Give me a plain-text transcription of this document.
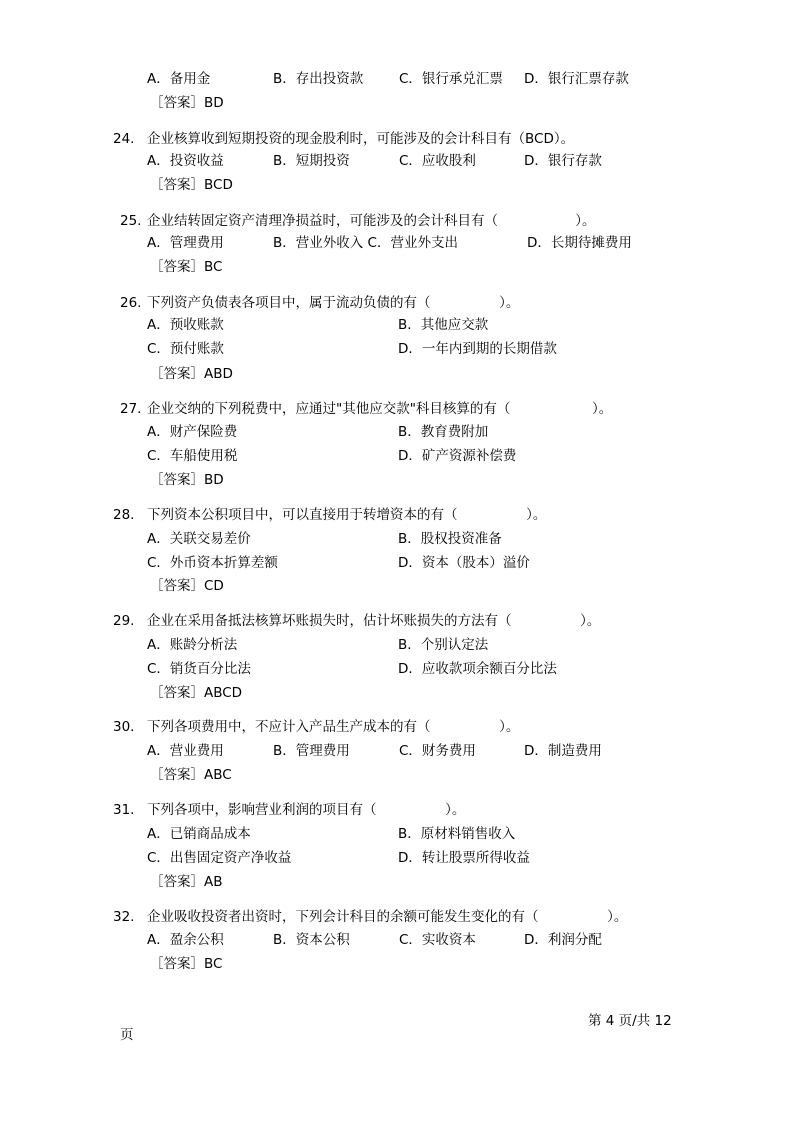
A．备用金	B．存出投资款	C．银行承兑汇票 D．银行汇票存款
［答案］BD
24. 企业核算收到短期投资的现金股利时，可能涉及的会计科目有（BCD）。
A．投资收益	B．短期投资	C．应收股利	D．银行存款
［答案］BCD
25. 企业结转固定资产清理净损益时，可能涉及的会计科目有（                  ）。
A．管理费用	B．营业外收入 C．营业外支出	D．长期待摊费用
［答案］BC
26. 下列资产负债表各项目中，属于流动负债的有（                ）。
A．预收账款	B．其他应交款
C．预付账款	D．一年内到期的长期借款
［答案］ABD
27. 企业交纳的下列税费中，应通过"其他应交款"科目核算的有（                   ）。
A．财产保险费	B．教育费附加
C．车船使用税	D．矿产资源补偿费
［答案］BD
28. 下列资本公积项目中，可以直接用于转增资本的有（                ）。
A．关联交易差价	B．股权投资准备
C．外币资本折算差额	D．资本（股本）溢价
［答案］CD
29. 企业在采用备抵法核算坏账损失时，估计坏账损失的方法有（                ）。
A．账龄分析法	B．个别认定法
C．销货百分比法	D．应收款项余额百分比法
［答案］ABCD
30. 下列各项费用中，不应计入产品生产成本的有（                ）。
A．营业费用	B．管理费用	C．财务费用	D．制造费用
［答案］ABC
31. 下列各项中，影响营业利润的项目有（                ）。
A．已销商品成本	B．原材料销售收入
C．出售固定资产净收益	D．转让股票所得收益
［答案］AB
32. 企业吸收投资者出资时，下列会计科目的余额可能发生变化的有（                ）。
A．盈余公积	B．资本公积	C．实收资本	D．利润分配
［答案］BC
第 4 页/共 12
页
